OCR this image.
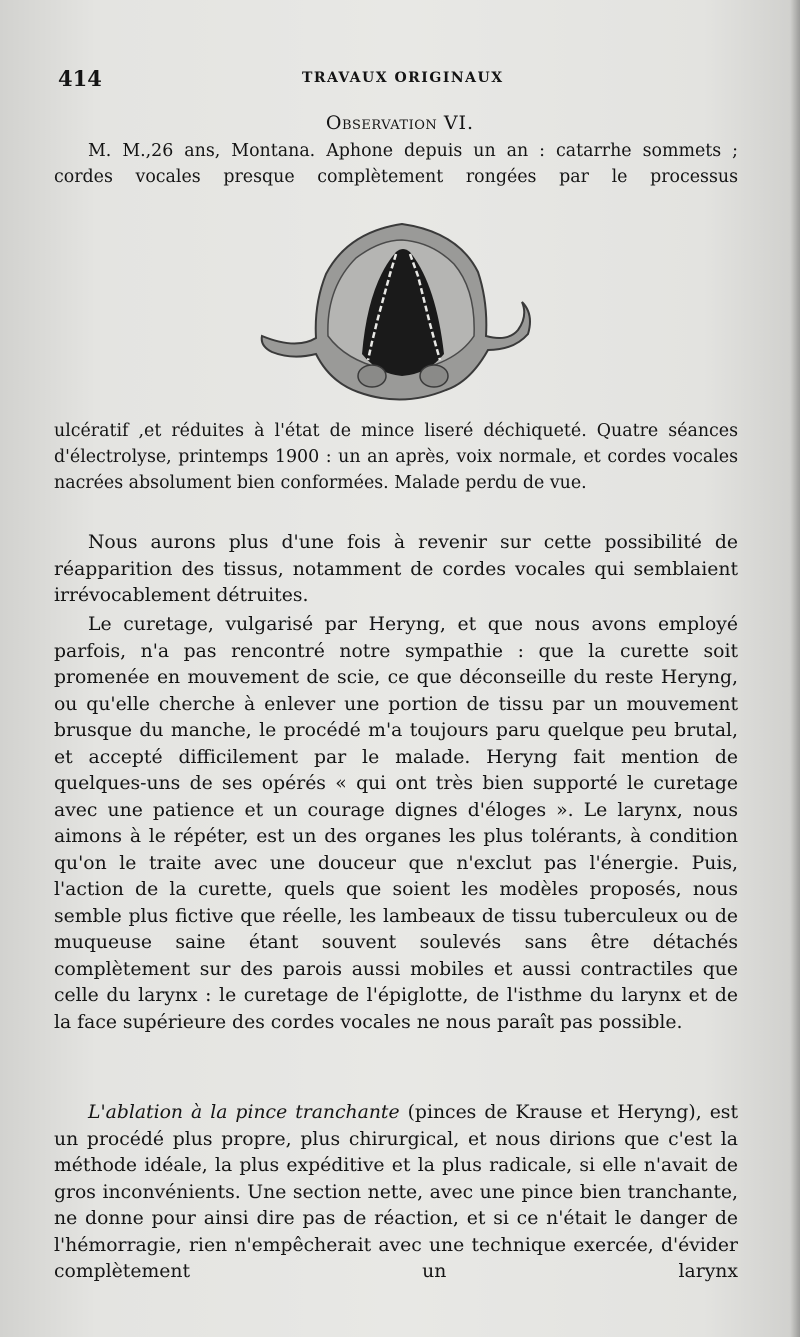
414	TRAVAUX ORIGINAUX
Observation VI.

M. M.,26 ans, Montana. Aphone depuis un an : catarrhe sommets ; cordes vocales presque complètement rongées par le processus

ulcératif ,et réduites à l'état de mince liseré déchiqueté. Quatre séances d'électrolyse, printemps 1900 : un an après, voix normale, et cordes vocales nacrées absolument bien conformées. Malade perdu de vue.

Nous aurons plus d'une fois à revenir sur cette possibilité de réapparition des tissus, notamment de cordes vocales qui semblaient irrévocablement détruites.

Le curetage, vulgarisé par Heryng, et que nous avons employé parfois, n'a pas rencontré notre sympathie : que la curette soit promenée en mouvement de scie, ce que déconseille du reste Heryng, ou qu'elle cherche à enlever une portion de tissu par un mouvement brusque du manche, le procédé m'a toujours paru quelque peu brutal, et accepté difficilement par le malade. Heryng fait mention de quelques-uns de ses opérés « qui ont très bien supporté le curetage avec une patience et un courage dignes d'éloges ». Le larynx, nous aimons à le répéter, est un des organes les plus tolérants, à condition qu'on le traite avec une douceur que n'exclut pas l'énergie. Puis, l'action de la curette, quels que soient les modèles proposés, nous semble plus fictive que réelle, les lambeaux de tissu tuberculeux ou de muqueuse saine étant souvent soulevés sans être détachés complètement sur des parois aussi mobiles et aussi contractiles que celle du larynx : le curetage de l'épiglotte, de l'isthme du larynx et de la face supérieure des cordes vocales ne nous paraît pas possible.

L'ablation à la pince tranchante (pinces de Krause et Heryng), est un procédé plus propre, plus chirurgical, et nous dirions que c'est la méthode idéale, la plus expéditive et la plus radicale, si elle n'avait de gros inconvénients. Une section nette, avec une pince bien tranchante, ne donne pour ainsi dire pas de réaction, et si ce n'était le danger de l'hémorragie, rien n'empêcherait avec une technique exercée, d'évider complètement un larynx
